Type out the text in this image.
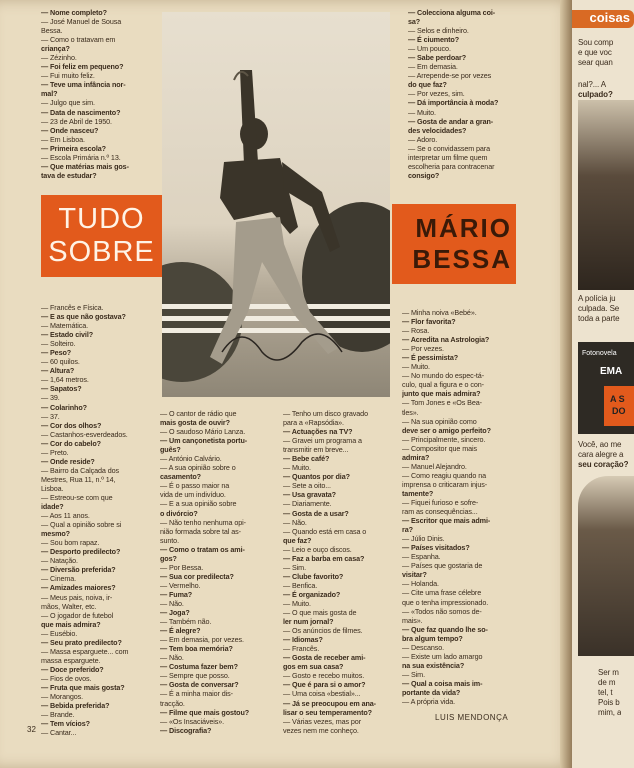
— Nome completo?
— José Manuel de Sousa
Bessa.
— Como o tratavam em
criança?
— Zézinho.
— Foi feliz em pequeno?
— Fui muito feliz.
— Teve uma infância nor-
mal?
— Julgo que sim.
— Data de nascimento?
— 23 de Abril de 1950.
— Onde nasceu?
— Em Lisboa.
— Primeira escola?
— Escola Primária n.º 13.
— Que matérias mais gos-
tava de estudar?
TUDO
SOBRE
— Francês e Física.
— E as que não gostava?
— Matemática.
— Estado civil?
— Solteiro.
— Peso?
— 60 quilos.
— Altura?
— 1,64 metros.
— Sapatos?
— 39.
— Colarinho?
— 37.
— Cor dos olhos?
— Castanhos-esverdeados.
— Cor do cabelo?
— Preto.
— Onde reside?
— Bairro da Calçada dos
Mestres, Rua 11, n.º 14,
Lisboa.
— Estreou-se com que
idade?
— Aos 11 anos.
— Qual a opinião sobre si
mesmo?
— Sou bom rapaz.
— Desporto predilecto?
— Natação.
— Diversão preferida?
— Cinema.
— Amizades maiores?
— Meus pais, noiva, ir-
mãos, Walter, etc.
— O jogador de futebol
que mais admira?
— Eusébio.
— Seu prato predilecto?
— Massa esparguete... com
massa esparguete.
— Doce preferido?
— Fios de ovos.
— Fruta que mais gosta?
— Morangos.
— Bebida preferida?
— Brande.
— Tem vícios?
— Cantar...
— O cantor de rádio que
mais gosta de ouvir?
— O saudoso Mário Lanza.
— Um cançonetista portu-
guês?
— António Calvário.
— A sua opinião sobre o
casamento?
— É o passo maior na
vida de um indivíduo.
— E a sua opinião sobre
o divórcio?
— Não tenho nenhuma opi-
nião formada sobre tal as-
sunto.
— Como o tratam os ami-
gos?
— Por Bessa.
— Sua cor predilecta?
— Vermelho.
— Fuma?
— Não.
— Joga?
— Também não.
— É alegre?
— Em demasia, por vezes.
— Tem boa memória?
— Não.
— Costuma fazer bem?
— Sempre que posso.
— Gosta de conversar?
— É a minha maior dis-
tracção.
— Filme que mais gostou?
— «Os Insaciáveis».
— Discografia?
— Tenho um disco gravado
para a «Rapsódia».
— Actuações na TV?
— Gravei um programa a
transmitir em breve...
— Bebe café?
— Muito.
— Quantos por dia?
— Sete a oito...
— Usa gravata?
— Diariamente.
— Gosta de a usar?
— Não.
— Quando está em casa o
que faz?
— Leio e ouço discos.
— Faz a barba em casa?
— Sim.
— Clube favorito?
— Benfica.
— É organizado?
— Muito.
— O que mais gosta de
ler num jornal?
— Os anúncios de filmes.
— Idiomas?
— Francês.
— Gosta de receber ami-
gos em sua casa?
— Gosto e recebo muitos.
— Que é para si o amor?
— Uma coisa «bestial»...
— Já se preocupou em ana-
lisar o seu temperamento?
— Várias vezes, mas por
vezes nem me conheço.
— Colecciona alguma coi-
sa?
— Selos e dinheiro.
— É ciumento?
— Um pouco.
— Sabe perdoar?
— Em demasia.
— Arrepende-se por vezes
do que faz?
— Por vezes, sim.
— Dá importância à moda?
— Muito.
— Gosta de andar a gran-
des velocidades?
— Adoro.
— Se o convidassem para
interpretar um filme quem
escolheria para contracenar
consigo?
MÁRIO
BESSA
— Minha noiva «Bebé».
— Flor favorita?
— Rosa.
— Acredita na Astrologia?
— Por vezes.
— É pessimista?
— Muito.
— No mundo do espec-tá-
culo, qual a figura e o con-
junto que mais admira?
— Tom Jones e «Os Bea-
tles».
— Na sua opinião como
deve ser o amigo perfeito?
— Principalmente, sincero.
— Compositor que mais
admira?
— Manuel Alejandro.
— Como reagiu quando na
imprensa o criticaram injus-
tamente?
— Fiquei furioso e sofre-
ram as consequências...
— Escritor que mais admi-
ra?
— Júlio Dinis.
— Países visitados?
— Espanha.
— Países que gostaria de
visitar?
— Holanda.
— Cite uma frase célebre
que o tenha impressionado.
— «Todos não somos de-
mais».
— Que faz quando lhe so-
bra algum tempo?
— Descanso.
— Existe um lado amargo
na sua existência?
— Sim.
— Qual a coisa mais im-
portante da vida?
— A própria vida.
32
LUIS MENDONÇA
coisas
Sou comp
e que voc
sear quan
nal?... A
culpado?
A polícia ju
culpada. Se
toda a parte
Fotonovela
EMA
A S
DO
Você, ao me
cara alegre a
seu coração?
Ser m
de m
tel, t
Pois b
mim, a
